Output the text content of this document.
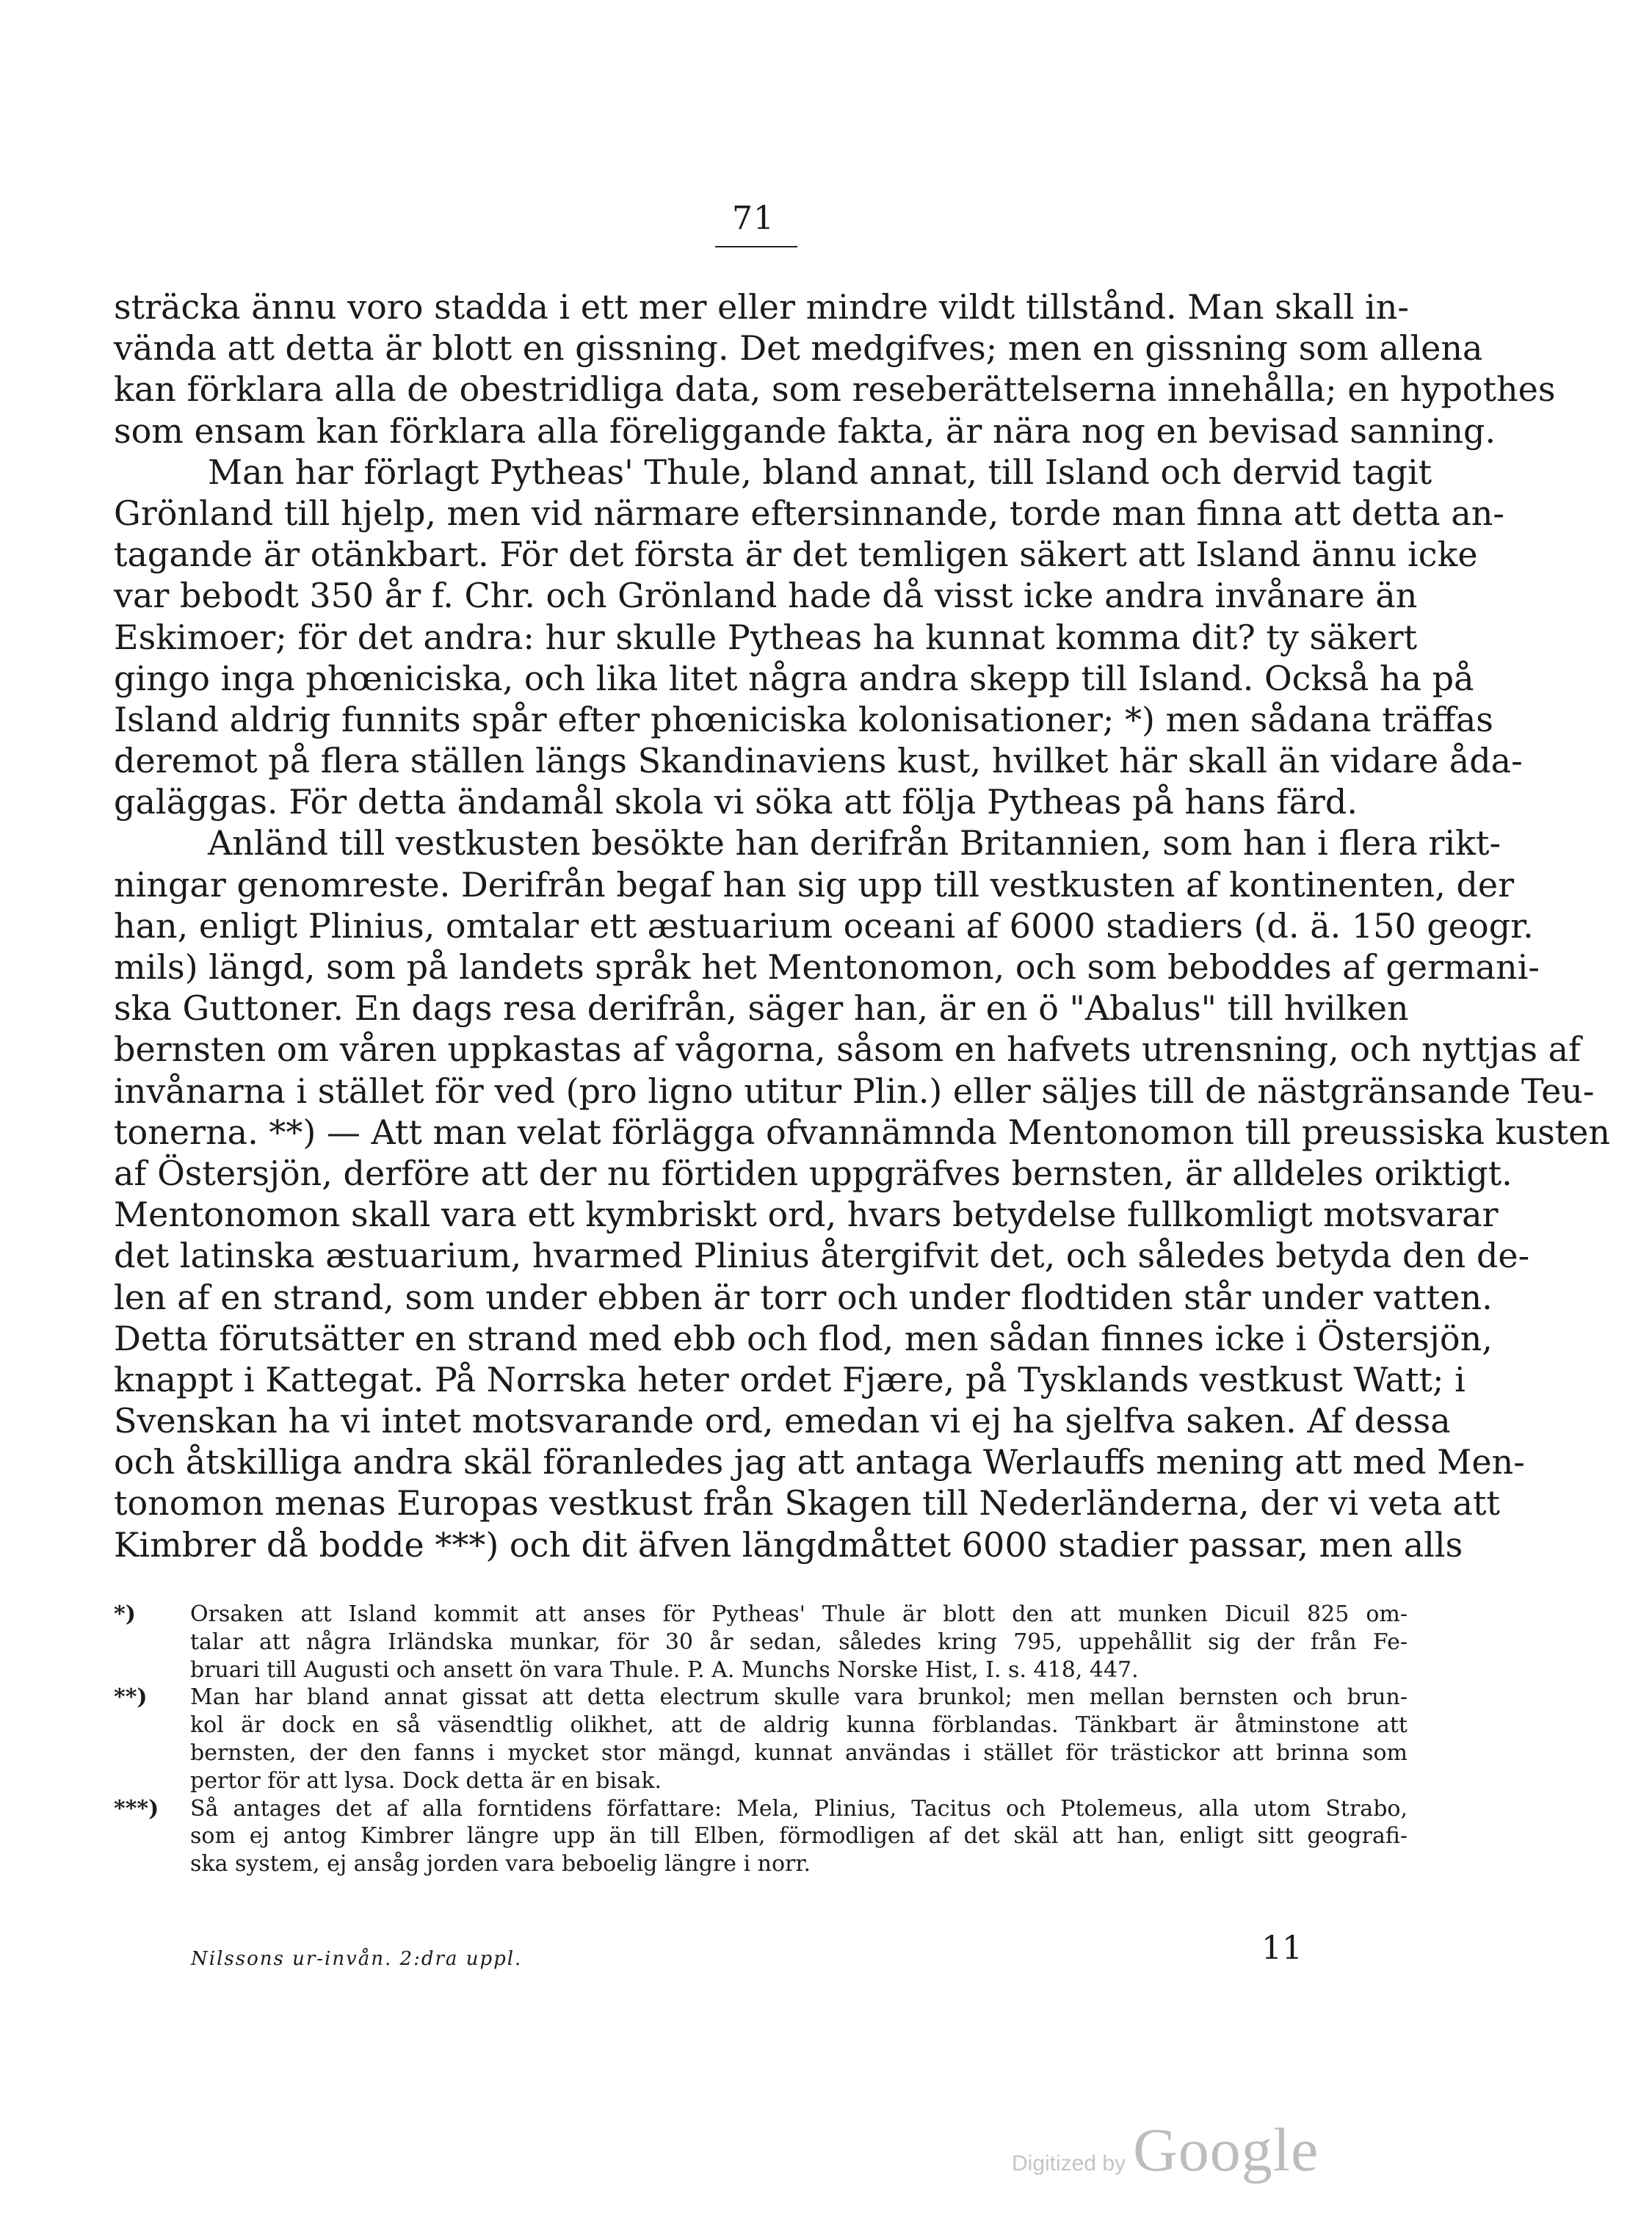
71
sträcka ännu voro stadda i ett mer eller mindre vildt tillstånd. Man skall in-
vända att detta är blott en gissning. Det medgifves; men en gissning som allena
kan förklara alla de obestridliga data, som reseberättelserna innehålla; en hypothes
som ensam kan förklara alla föreliggande fakta, är nära nog en bevisad sanning.
Man har förlagt Pytheas' Thule, bland annat, till Island och dervid tagit
Grönland till hjelp, men vid närmare eftersinnande, torde man finna att detta an-
tagande är otänkbart. För det första är det temligen säkert att Island ännu icke
var bebodt 350 år f. Chr. och Grönland hade då visst icke andra invånare än
Eskimoer; för det andra: hur skulle Pytheas ha kunnat komma dit? ty säkert
gingo inga phœniciska, och lika litet några andra skepp till Island. Också ha på
Island aldrig funnits spår efter phœniciska kolonisationer; *) men sådana träffas
deremot på flera ställen längs Skandinaviens kust, hvilket här skall än vidare åda-
galäggas. För detta ändamål skola vi söka att följa Pytheas på hans färd.
Anländ till vestkusten besökte han derifrån Britannien, som han i flera rikt-
ningar genomreste. Derifrån begaf han sig upp till vestkusten af kontinenten, der
han, enligt Plinius, omtalar ett æstuarium oceani af 6000 stadiers (d. ä. 150 geogr.
mils) längd, som på landets språk het Mentonomon, och som beboddes af germani-
ska Guttoner. En dags resa derifrån, säger han, är en ö "Abalus" till hvilken
bernsten om våren uppkastas af vågorna, såsom en hafvets utrensning, och nyttjas af
invånarna i stället för ved (pro ligno utitur Plin.) eller säljes till de nästgränsande Teu-
tonerna. **) — Att man velat förlägga ofvannämnda Mentonomon till preussiska kusten
af Östersjön, derföre att der nu förtiden uppgräfves bernsten, är alldeles oriktigt.
Mentonomon skall vara ett kymbriskt ord, hvars betydelse fullkomligt motsvarar
det latinska æstuarium, hvarmed Plinius återgifvit det, och således betyda den de-
len af en strand, som under ebben är torr och under flodtiden står under vatten.
Detta förutsätter en strand med ebb och flod, men sådan finnes icke i Östersjön,
knappt i Kattegat. På Norrska heter ordet Fjære, på Tysklands vestkust Watt; i
Svenskan ha vi intet motsvarande ord, emedan vi ej ha sjelfva saken. Af dessa
och åtskilliga andra skäl föranledes jag att antaga Werlauffs mening att med Men-
tonomon menas Europas vestkust från Skagen till Nederländerna, der vi veta att
Kimbrer då bodde ***) och dit äfven längdmåttet 6000 stadier passar, men alls
*) Orsaken att Island kommit att anses för Pytheas' Thule är blott den att munken Dicuil 825 om-
talar att några Irländska munkar, för 30 år sedan, således kring 795, uppehållit sig der från Fe-
bruari till Augusti och ansett ön vara Thule. P. A. Munchs Norske Hist, I. s. 418, 447.
**) Man har bland annat gissat att detta electrum skulle vara brunkol; men mellan bernsten och brun-
kol är dock en så väsendtlig olikhet, att de aldrig kunna förblandas. Tänkbart är åtminstone att
bernsten, der den fanns i mycket stor mängd, kunnat användas i stället för trästickor att brinna som
pertor för att lysa. Dock detta är en bisak.
***) Så antages det af alla forntidens författare: Mela, Plinius, Tacitus och Ptolemeus, alla utom Strabo,
som ej antog Kimbrer längre upp än till Elben, förmodligen af det skäl att han, enligt sitt geografi-
ska system, ej ansåg jorden vara beboelig längre i norr.
Nilssons ur-invån. 2:dra uppl.	11
Digitized by Google
